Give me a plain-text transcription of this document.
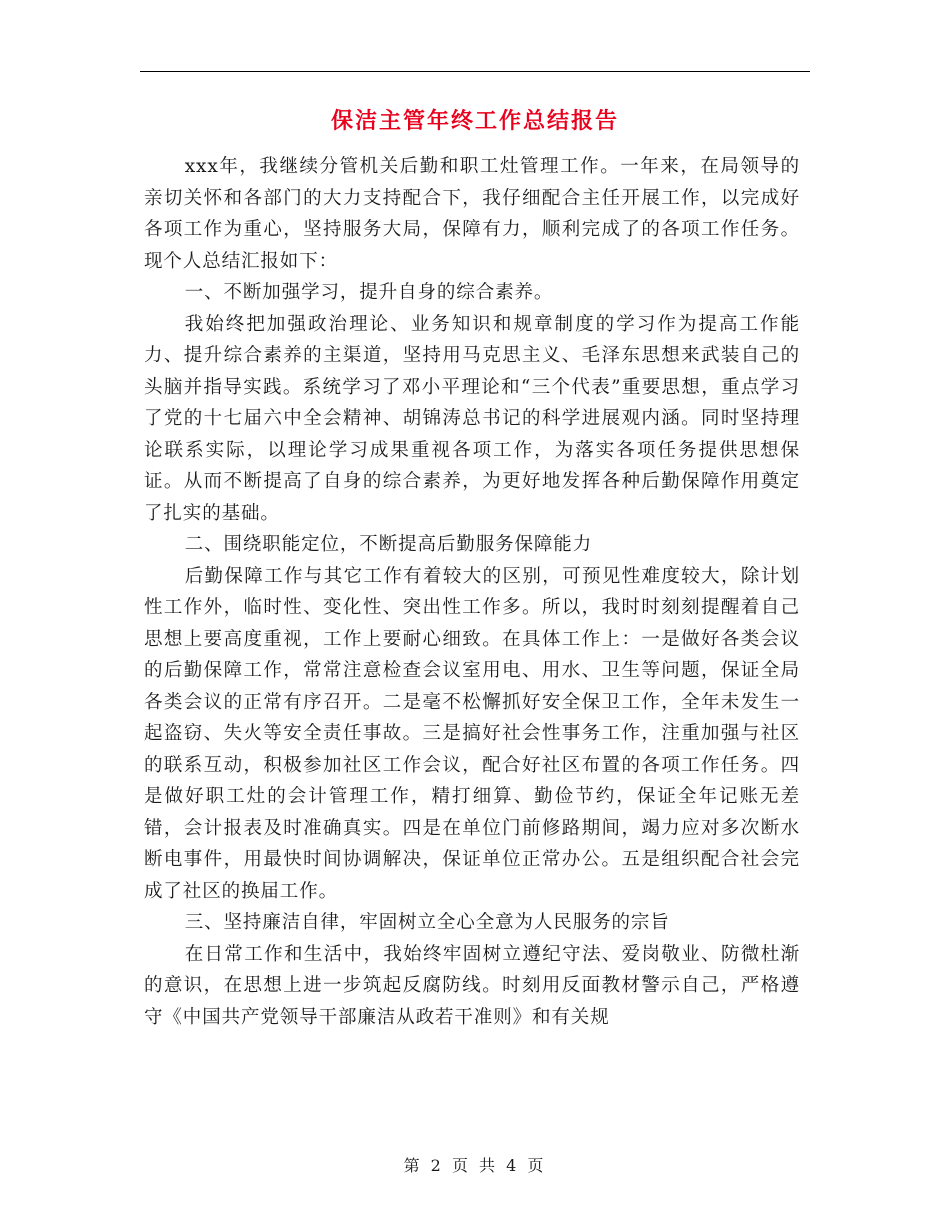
保洁主管年终工作总结报告

xxx年，我继续分管机关后勤和职工灶管理工作。一年来，在局领导的亲切关怀和各部门的大力支持配合下，我仔细配合主任开展工作，以完成好各项工作为重心，坚持服务大局，保障有力，顺利完成了的各项工作任务。现个人总结汇报如下：

一、不断加强学习，提升自身的综合素养。

我始终把加强政治理论、业务知识和规章制度的学习作为提高工作能力、提升综合素养的主渠道，坚持用马克思主义、毛泽东思想来武装自己的头脑并指导实践。系统学习了邓小平理论和“三个代表”重要思想，重点学习了党的十七届六中全会精神、胡锦涛总书记的科学进展观内涵。同时坚持理论联系实际，以理论学习成果重视各项工作，为落实各项任务提供思想保证。从而不断提高了自身的综合素养，为更好地发挥各种后勤保障作用奠定了扎实的基础。

二、围绕职能定位，不断提高后勤服务保障能力

后勤保障工作与其它工作有着较大的区别，可预见性难度较大，除计划性工作外，临时性、变化性、突出性工作多。所以，我时时刻刻提醒着自己思想上要高度重视，工作上要耐心细致。在具体工作上：一是做好各类会议的后勤保障工作，常常注意检查会议室用电、用水、卫生等问题，保证全局各类会议的正常有序召开。二是毫不松懈抓好安全保卫工作，全年未发生一起盗窃、失火等安全责任事故。三是搞好社会性事务工作，注重加强与社区的联系互动，积极参加社区工作会议，配合好社区布置的各项工作任务。四是做好职工灶的会计管理工作，精打细算、勤俭节约，保证全年记账无差错，会计报表及时准确真实。四是在单位门前修路期间，竭力应对多次断水断电事件，用最快时间协调解决，保证单位正常办公。五是组织配合社会完成了社区的换届工作。

三、坚持廉洁自律，牢固树立全心全意为人民服务的宗旨

在日常工作和生活中，我始终牢固树立遵纪守法、爱岗敬业、防微杜渐的意识，在思想上进一步筑起反腐防线。时刻用反面教材警示自己，严格遵守《中国共产党领导干部廉洁从政若干准则》和有关规

第 2 页 共 4 页
